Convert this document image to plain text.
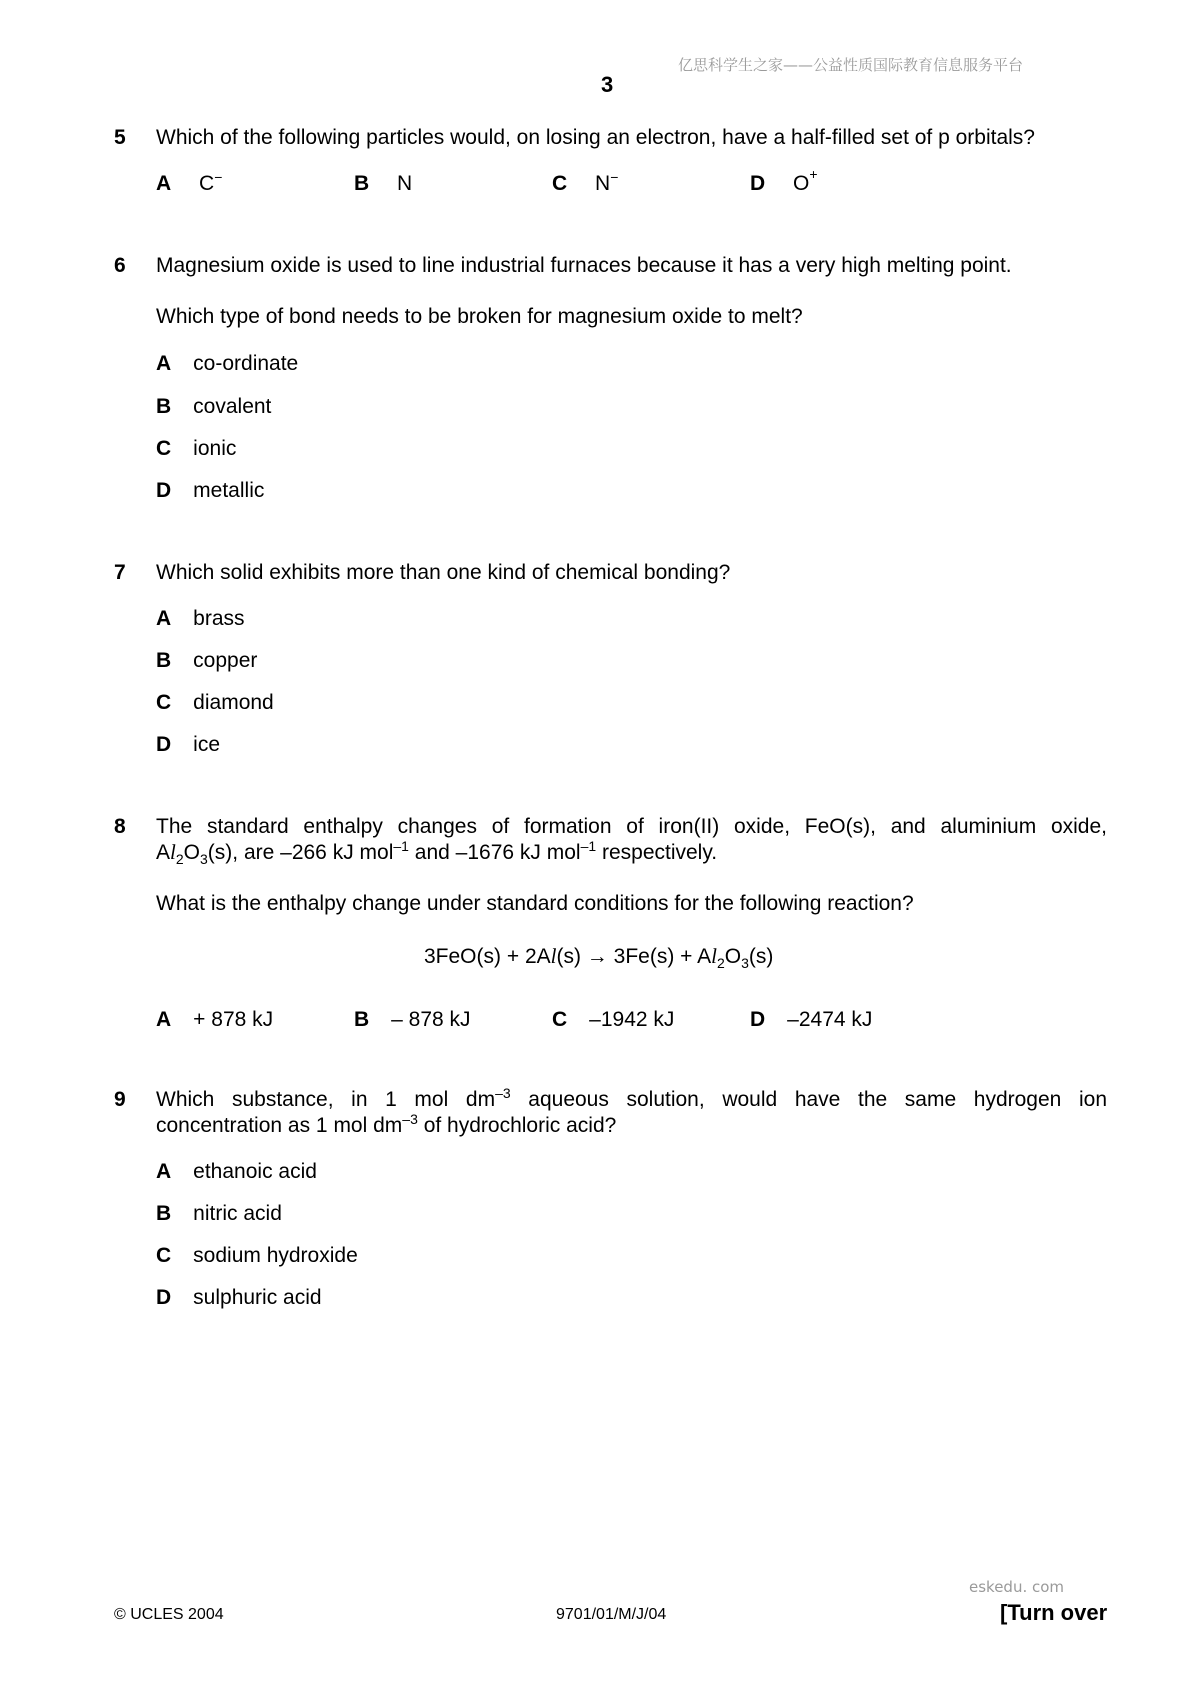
亿思科学生之家——公益性质国际教育信息服务平台
3
5 Which of the following particles would, on losing an electron, have a half-filled set of p orbitals?
A C−	B N	C N−	D O+
6 Magnesium oxide is used to line industrial furnaces because it has a very high melting point.
Which type of bond needs to be broken for magnesium oxide to melt?
A co-ordinate
B covalent
C ionic
D metallic
7 Which solid exhibits more than one kind of chemical bonding?
A brass
B copper
C diamond
D ice
8 The standard enthalpy changes of formation of iron(II) oxide, FeO(s), and aluminium oxide,
$Al_2O_3(s)$, are –266 kJ mol$^{-1}$ and –1676 kJ mol$^{-1}$ respectively.
What is the enthalpy change under standard conditions for the following reaction?
$3FeO(s) + 2Al(s) \to 3Fe(s) + Al_2O_3(s)$
A + 878 kJ	B – 878 kJ	C –1942 kJ	D –2474 kJ
9 Which substance, in 1 mol $dm^{-3}$ aqueous solution, would have the same hydrogen ion
concentration as 1 mol $dm^{-3}$ of hydrochloric acid?
A ethanoic acid
B nitric acid
C sodium hydroxide
D sulphuric acid
eskedu. com
© UCLES 2004	9701/01/M/J/04	[Turn over
